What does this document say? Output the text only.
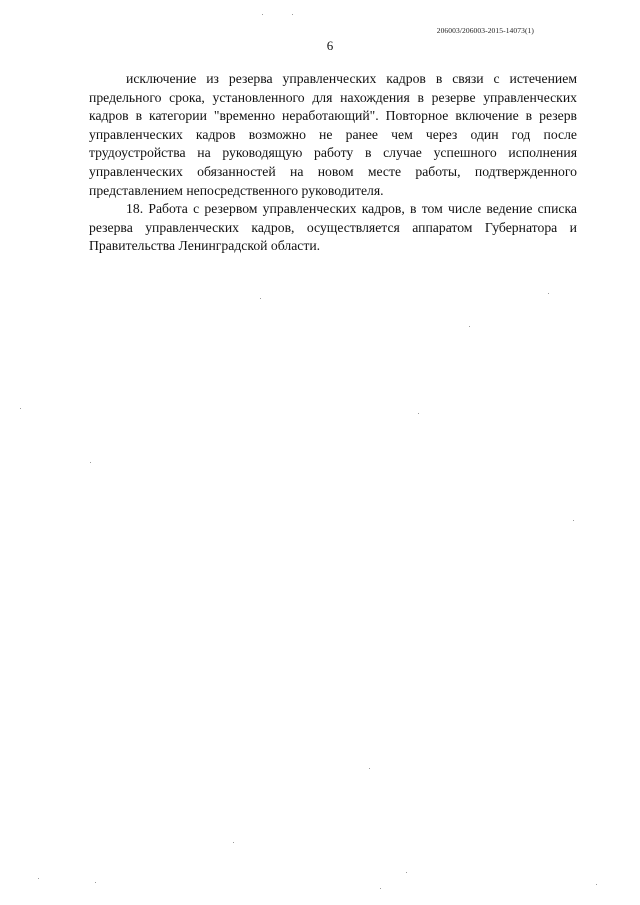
206003/206003-2015-14073(1)
6

исключение из резерва управленческих кадров в связи с истечением предельного срока, установленного для нахождения в резерве управленческих кадров в категории "временно неработающий". Повторное включение в резерв управленческих кадров возможно не ранее чем через один год после трудоустройства на руководящую работу в случае успешного исполнения управленческих обязанностей на новом месте работы, подтвержденного представлением непосредственного руководителя.

18. Работа с резервом управленческих кадров, в том числе ведение списка резерва управленческих кадров, осуществляется аппаратом Губернатора и Правительства Ленинградской области.
